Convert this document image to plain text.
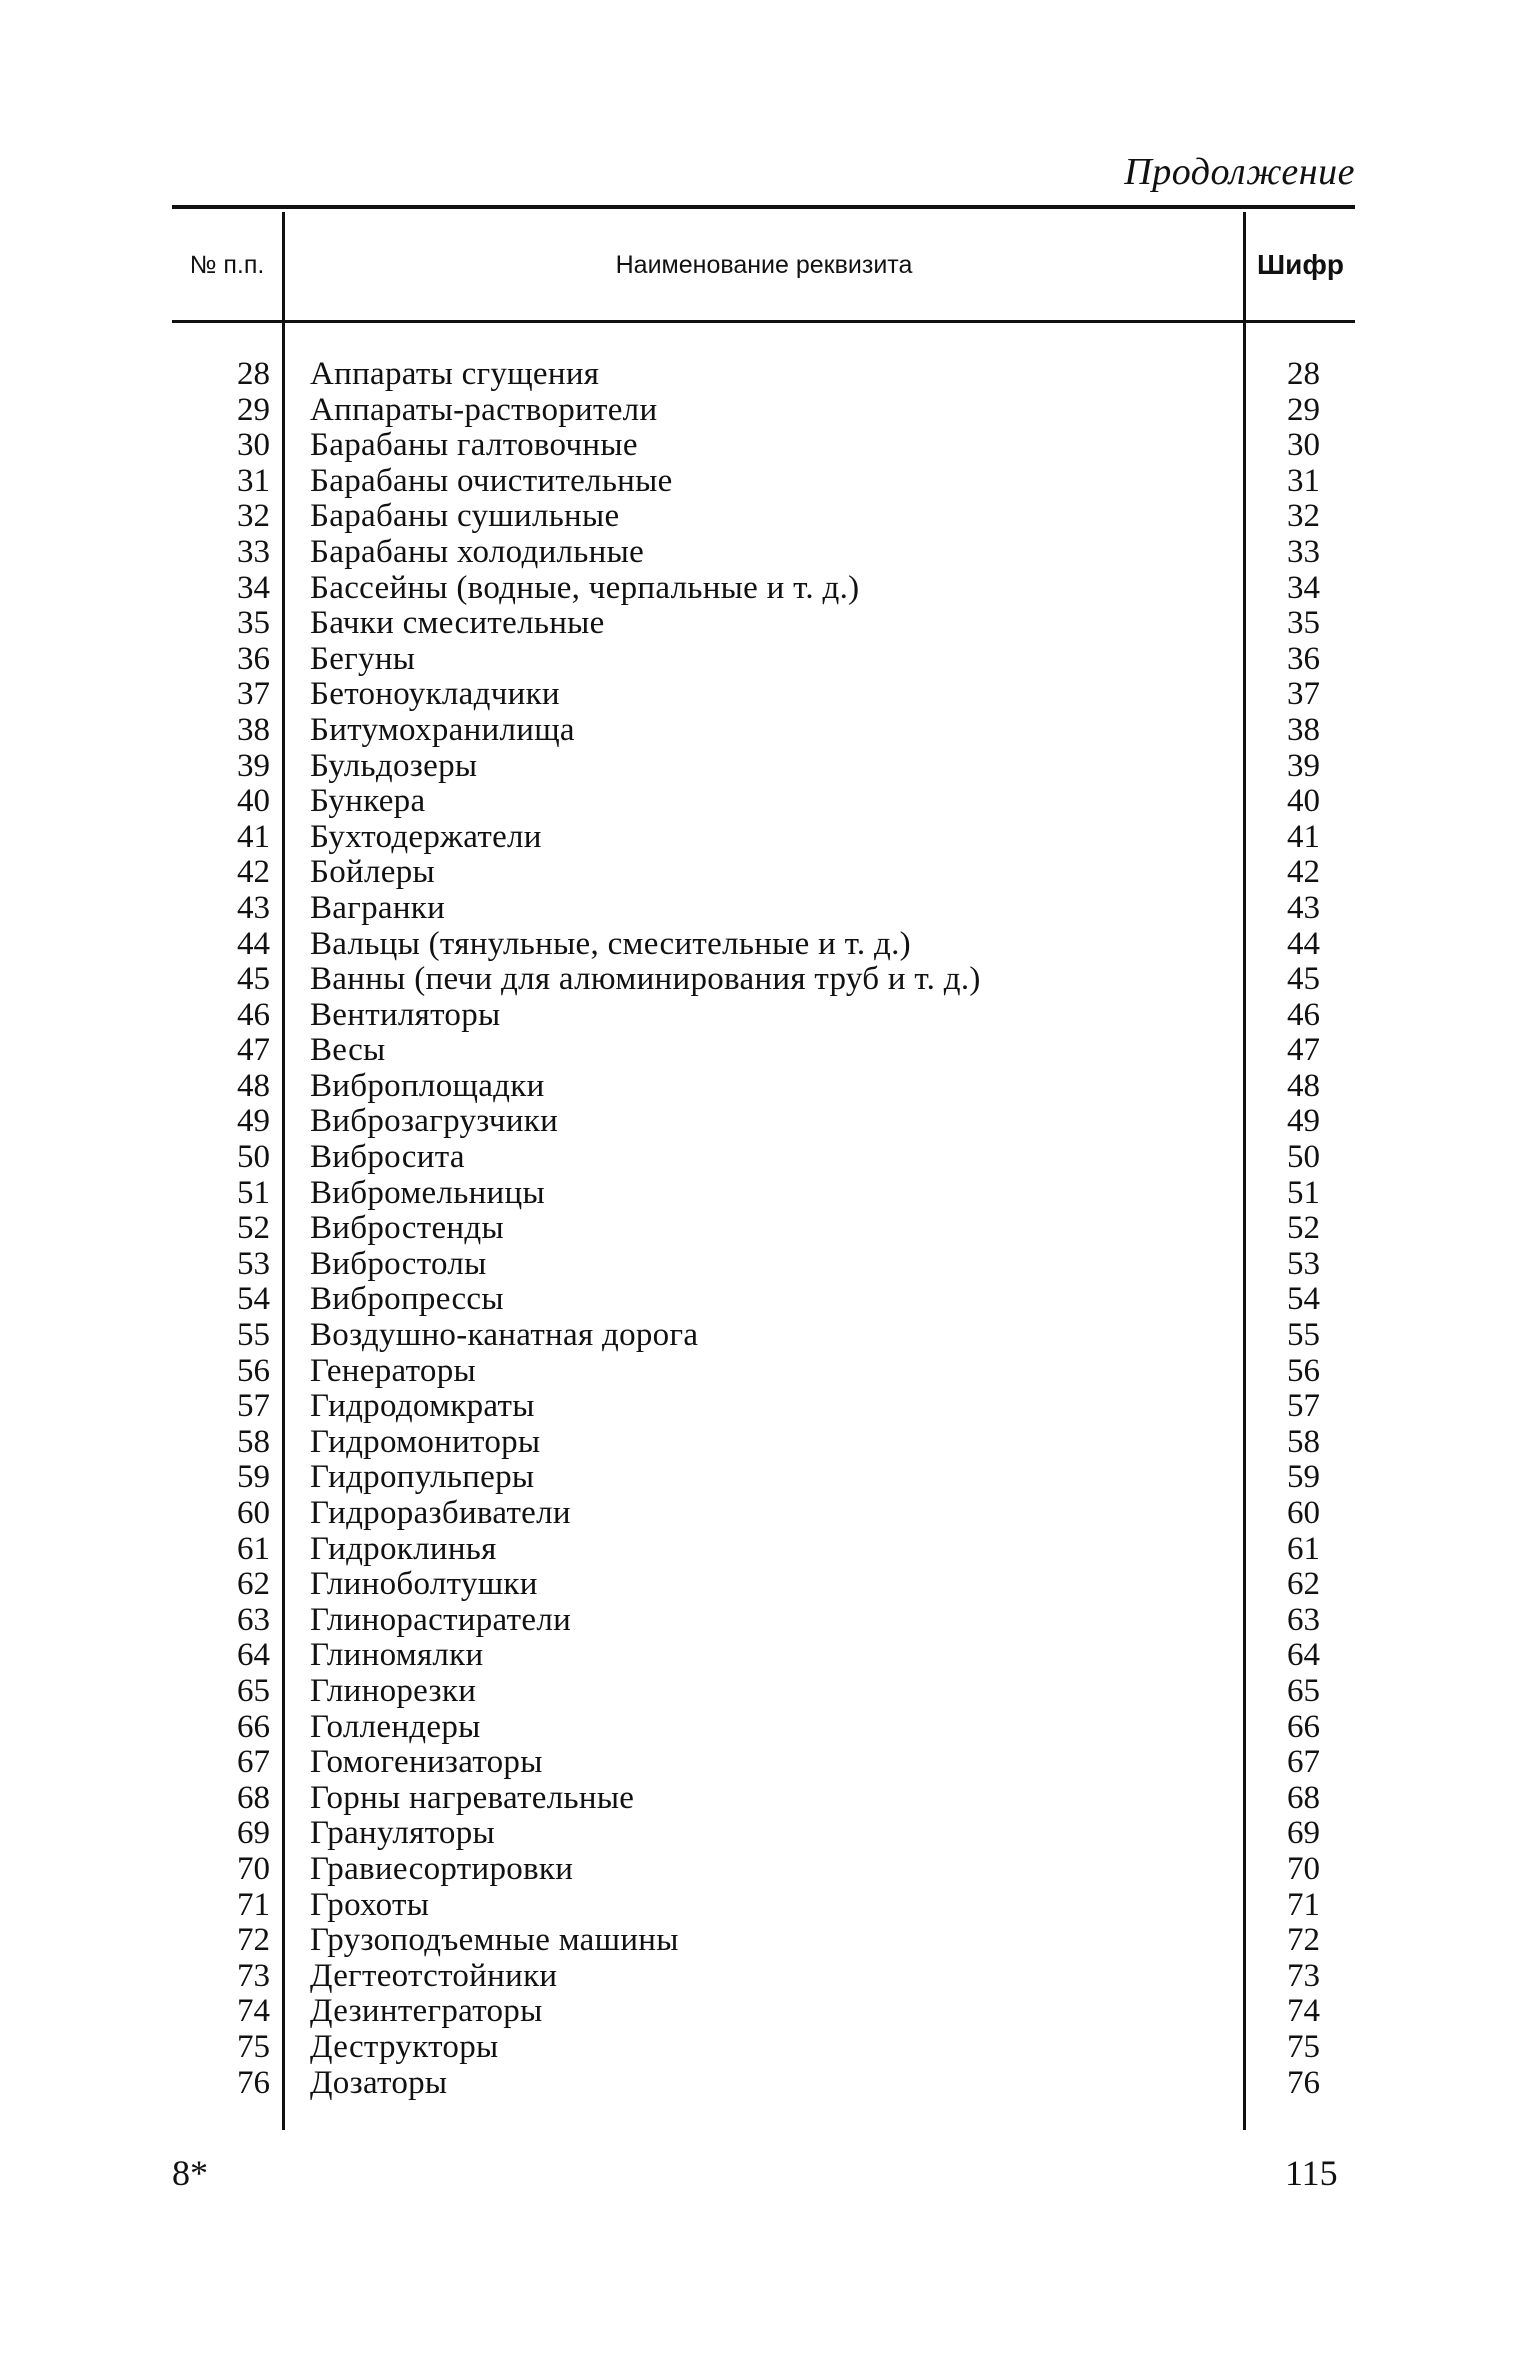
Продолжение
№ п.п.	Наименование реквизита	Шифр
28 Аппараты сгущения	28
29 Аппараты-растворители	29
30 Барабаны галтовочные	30
31 Барабаны очистительные	31
32 Барабаны сушильные	32
33 Барабаны холодильные	33
34 Бассейны (водные, черпальные и т. д.)	34
35 Бачки смесительные	35
36 Бегуны	36
37 Бетоноукладчики	37
38 Битумохранилища	38
39 Бульдозеры	39
40 Бункера	40
41 Бухтодержатели	41
42 Бойлеры	42
43 Вагранки	43
44 Вальцы (тянульные, смесительные и т. д.)	44
45 Ванны (печи для алюминирования труб и т. д.)	45
46 Вентиляторы	46
47 Весы	47
48 Виброплощадки	48
49 Виброзагрузчики	49
50 Вибросита	50
51 Вибромельницы	51
52 Вибростенды	52
53 Вибростолы	53
54 Вибропрессы	54
55 Воздушно-канатная дорога	55
56 Генераторы	56
57 Гидродомкраты	57
58 Гидромониторы	58
59 Гидропульперы	59
60 Гидроразбиватели	60
61 Гидроклинья	61
62 Глиноболтушки	62
63 Глинорастиратели	63
64 Глиномялки	64
65 Глинорезки	65
66 Голлендеры	66
67 Гомогенизаторы	67
68 Горны нагревательные	68
69 Грануляторы	69
70 Гравиесортировки	70
71 Грохоты	71
72 Грузоподъемные машины	72
73 Дегтеотстойники	73
74 Дезинтеграторы	74
75 Деструкторы	75
76 Дозаторы	76
8*	115
